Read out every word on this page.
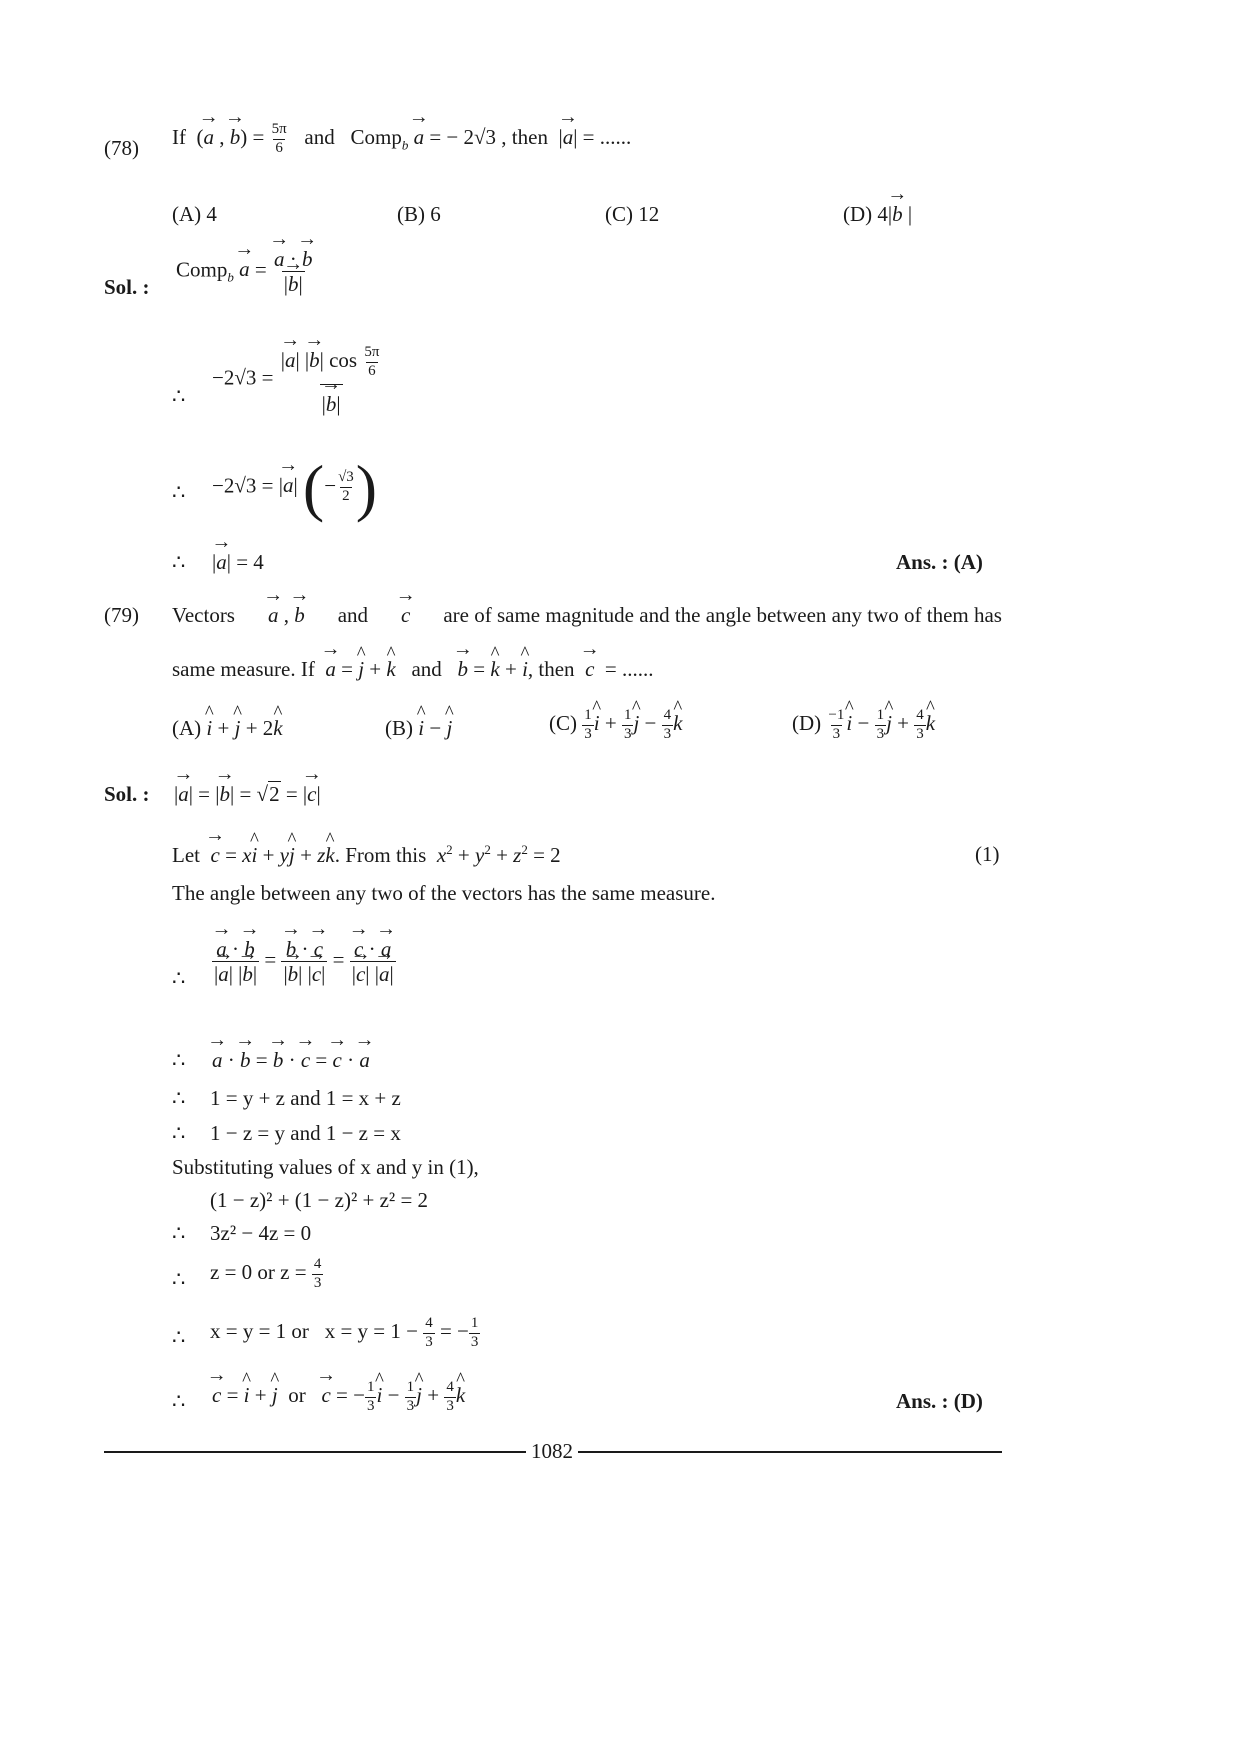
(78) If  (→ a , → $b) = \frac{5\pi}{6}$ and Comp$_b$ → a = − 2√3 , then  |→ a| = ......
(A) 4	(B) 6	(C) 12	(D) 4|→ b |
Sol. :
Comp$_b$ → a = → $\frac{a \cdot \to b}{|\to b|}$
∴
$-2√3 = \frac{|\to a| |\to b| \cos \frac{5\pi}{6}}{|\to b|}$
∴ −2√3 = |→ a| (− $\frac{√3}{2}$ )
∴ |→ a| = 4	Ans. : (A)
(79) Vectors → a , → b and → c are of same magnitude and the angle between any two of them has
same measure. If → a = ^ j + ^ k and → b = ^ k + ^ i, then → c = ......
(A) ^ i + ^ j + 2^ k	(B) ^ i − ^ j	$(C) \frac{1}{3}$ ^ $i + \frac{1}{3}$ ^ $j - \frac{4}{3}$ ^ k	$(D) \frac{-1}{3}$ ^ $i - \frac{1}{3}$ ^ $j + \frac{4}{3}$ ^ k
Sol. : |→ a| = |→ b| = √2 = |→ c|
Let → c = x^ i + y^ j + z^ k. From this $x^2 + y^2 + z^2 = 2$	(1)
The angle between any two of the vectors has the same measure.
∴ → $\frac{a \cdot \to b}{|\to a| |\to b|}$ = → $\frac{b \cdot \to c}{|\to b| |\to c|}$ = → $\frac{c \cdot \to a}{|\to c| |\to a|}$
∴ → a · → b = → b · → c = → c · → a
∴ 1 = y + z and 1 = x + z
∴ 1 − z = y and 1 − z = x
Substituting values of x and y in (1),
(1 − z)² + (1 − z)² + z² = 2
∴ 3z² − 4z = 0
∴ z = 0 or $z = \frac{4}{3}$
∴ x = y = 1 or $x = y = 1 - \frac{4}{3}$ = − $\frac{1}{3}$
∴ → c = ^ i + ^ j or → c = − $\frac{1}{3}$ ^ $i - \frac{1}{3}$ ^ $j + \frac{4}{3}$ ^ k	Ans. : (D)
1082
